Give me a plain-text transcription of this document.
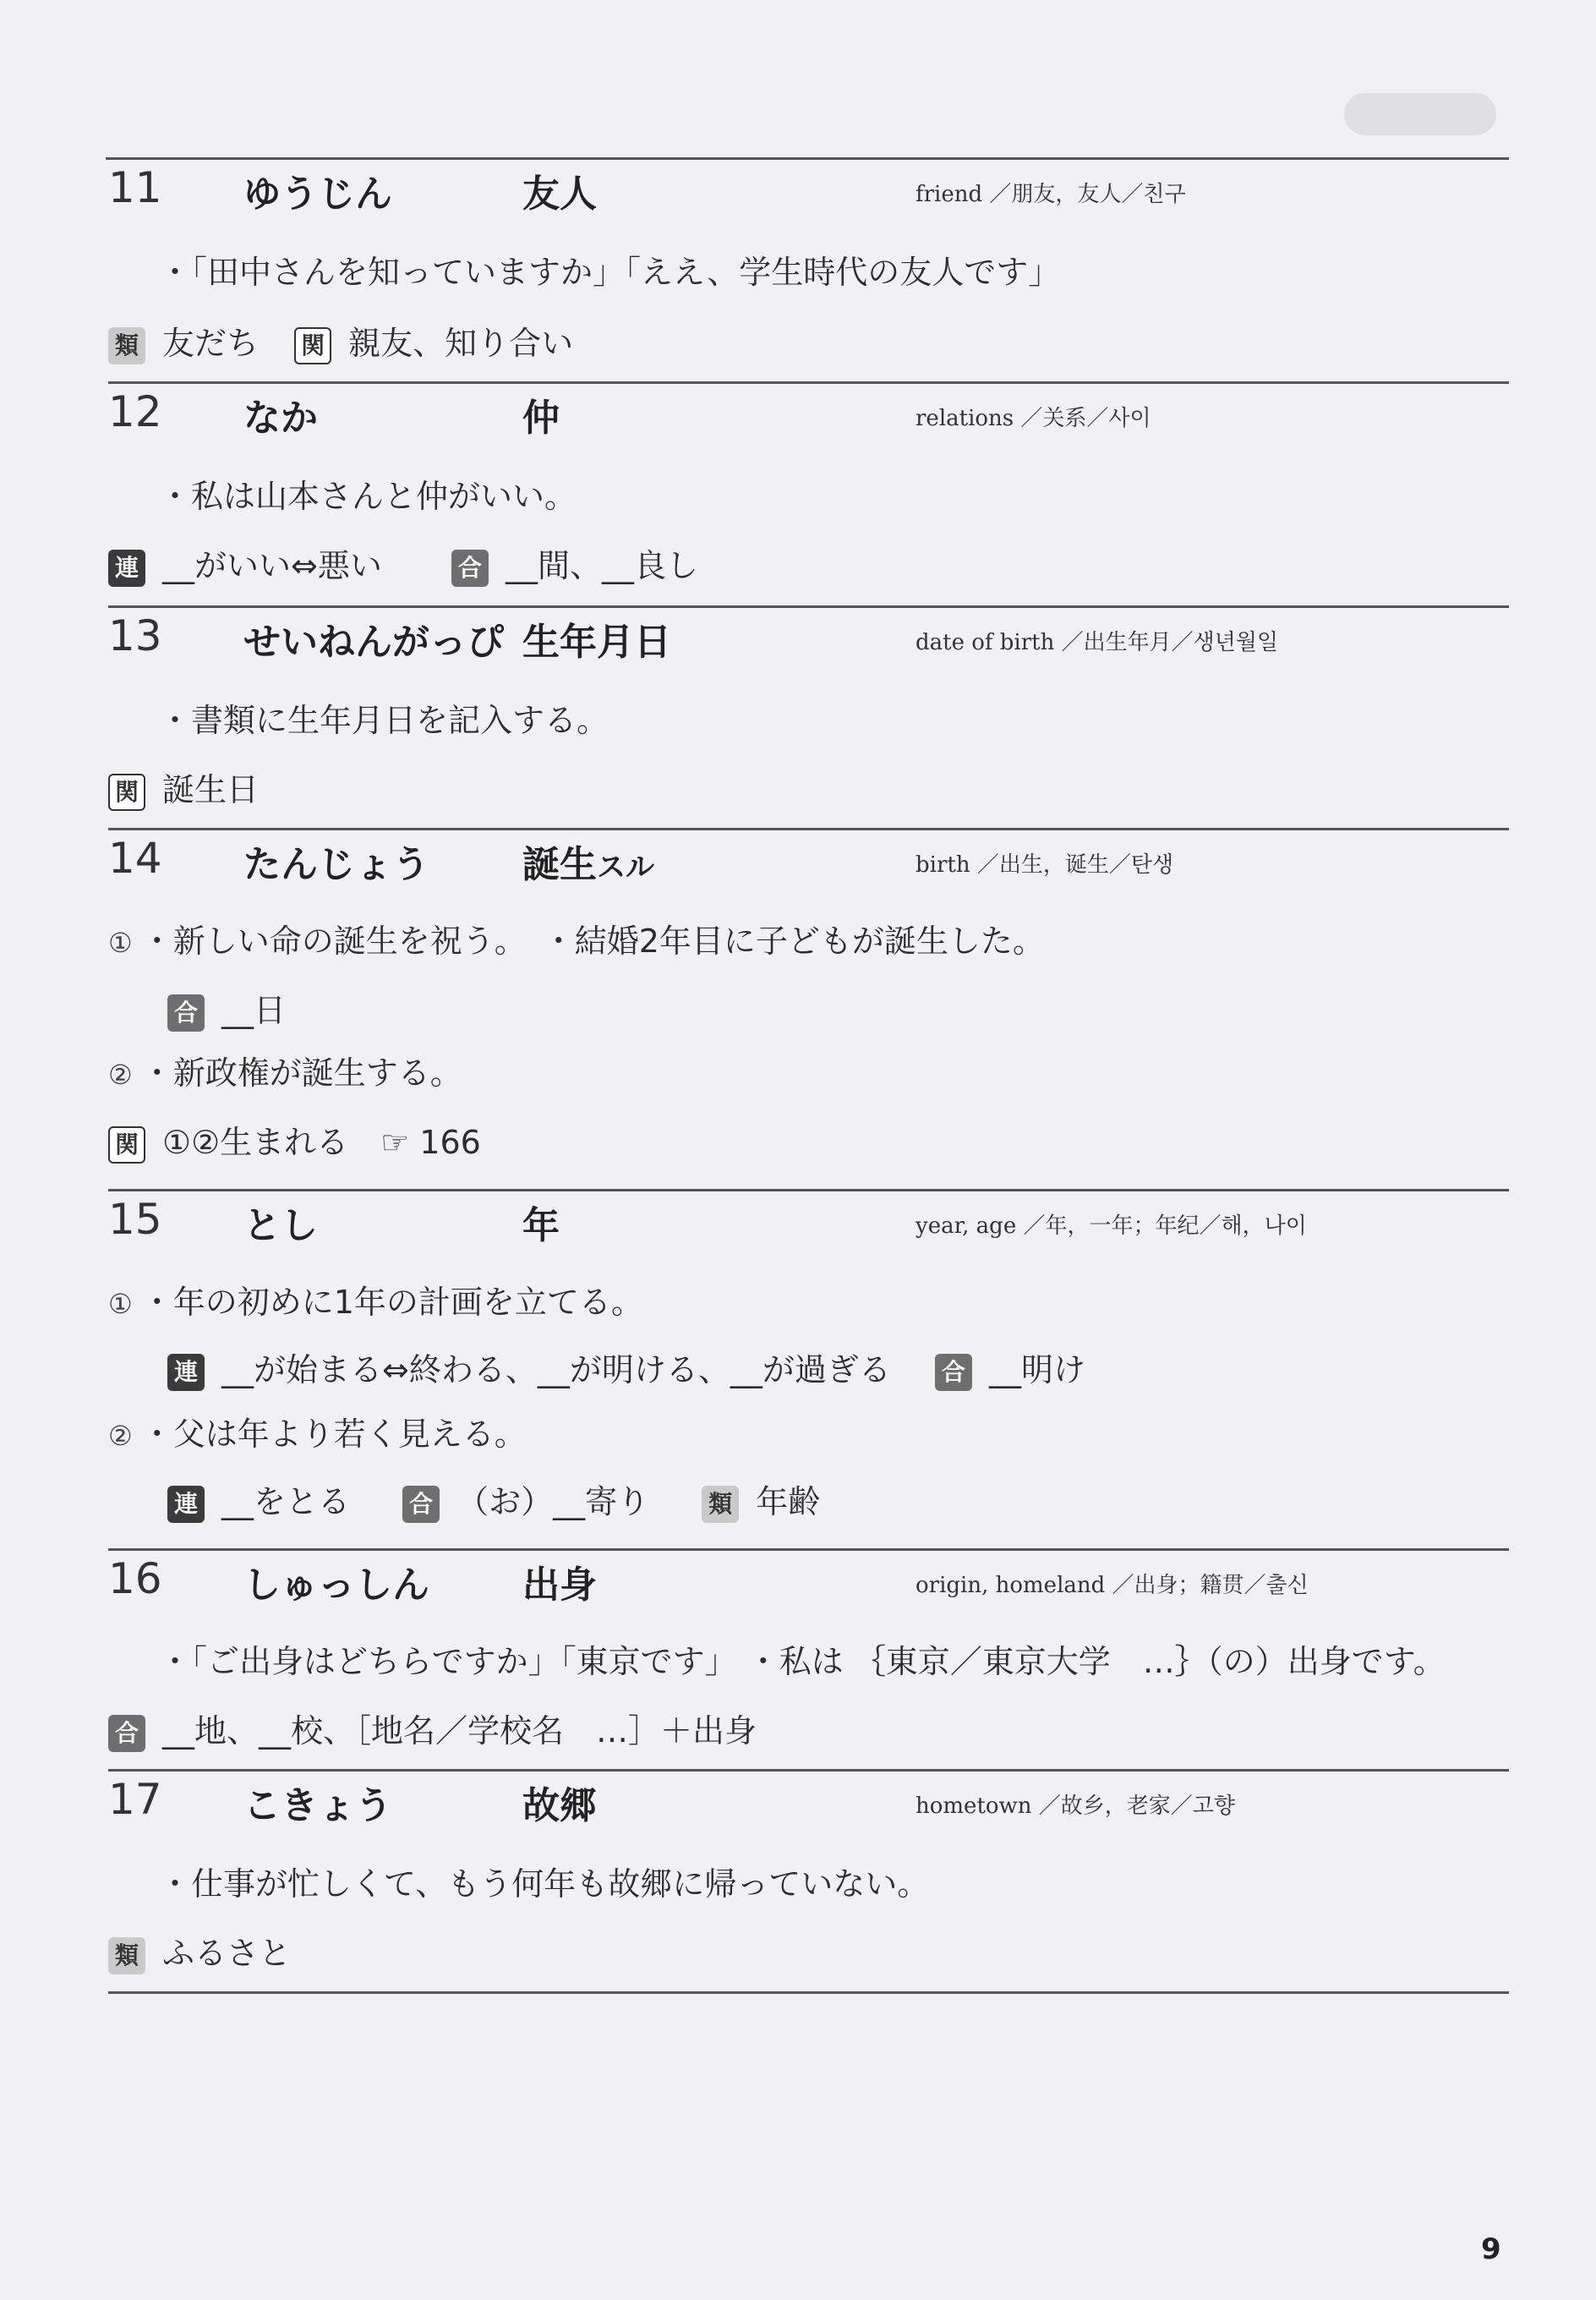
11 ゆうじん	友人	friend ／朋友，友人／친구
・「田中さんを知っていますか」「ええ、学生時代の友人です」
類 友だち 関 親友、知り合い
12 なか	仲	relations ／关系／사이
・私は山本さんと仲がいい。
連 __がいい⇔悪い	合 __間、__良し
13 せいねんがっぴ 生年月日	date of birth ／出生年月／생년월일
・書類に生年月日を記入する。
関 誕生日
14 たんじょう	誕生スル	birth ／出生，诞生／탄생
① ・新しい命の誕生を祝う。　・結婚2年目に子どもが誕生した。
合 __日
② ・新政権が誕生する。
関 ①②生まれる　☞ 166
15 とし	年	year, age ／年，一年；年纪／해，나이
① ・年の初めに1年の計画を立てる。
連 __が始まる⇔終わる、__が明ける、__が過ぎる 合 __明け
② ・父は年より若く見える。
連 __をとる	合 （お）__寄り	類 年齢
16 しゅっしん	出身	origin, homeland ／出身；籍贯／출신
・「ご出身はどちらですか」「東京です」 ・私は ｛東京／東京大学　…｝（の）出身です。
合 __地、__校、［地名／学校名　…］＋出身
17 こきょう	故郷	hometown ／故乡，老家／고향
・仕事が忙しくて、もう何年も故郷に帰っていない。
類 ふるさと
9
